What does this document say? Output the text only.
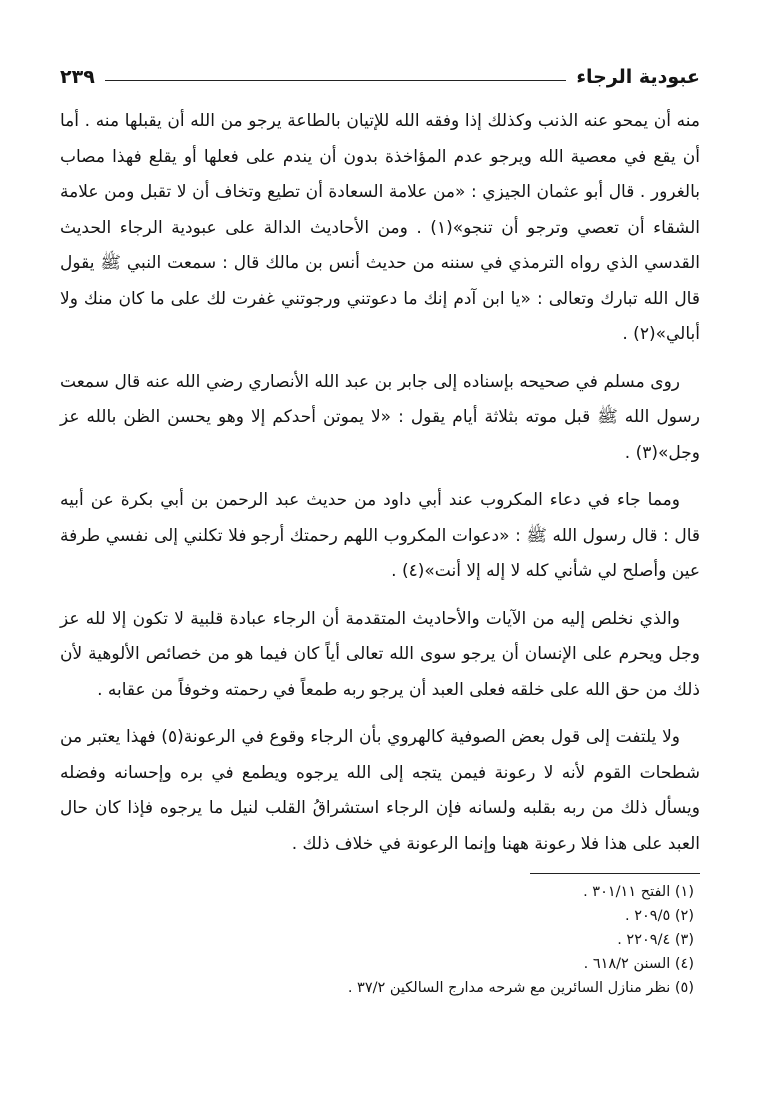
عبودية الرجاء
٢٣٩

منه أن يمحو عنه الذنب وكذلك إذا وفقه الله للإتيان بالطاعة يرجو من الله أن يقبلها منه . أما أن يقع في معصية الله ويرجو عدم المؤاخذة بدون أن يندم على فعلها أو يقلع فهذا مصاب بالغرور . قال أبو عثمان الجيزي : «من علامة السعادة أن تطيع وتخاف أن لا تقبل ومن علامة الشقاء أن تعصي وترجو أن تنجو»(١) . ومن الأحاديث الدالة على عبودية الرجاء الحديث القدسي الذي رواه الترمذي في سننه من حديث أنس بن مالك قال : سمعت النبي ﷺ يقول قال الله تبارك وتعالى : «يا ابن آدم إنك ما دعوتني ورجوتني غفرت لك على ما كان منك ولا أبالي»(٢) .

روى مسلم في صحيحه بإسناده إلى جابر بن عبد الله الأنصاري رضي الله عنه قال سمعت رسول الله ﷺ قبل موته بثلاثة أيام يقول : «لا يموتن أحدكم إلا وهو يحسن الظن بالله عز وجل»(٣) .

ومما جاء في دعاء المكروب عند أبي داود من حديث عبد الرحمن بن أبي بكرة عن أبيه قال : قال رسول الله ﷺ : «دعوات المكروب اللهم رحمتك أرجو فلا تكلني إلى نفسي طرفة عين وأصلح لي شأني كله لا إله إلا أنت»(٤) .

والذي نخلص إليه من الآيات والأحاديث المتقدمة أن الرجاء عبادة قلبية لا تكون إلا لله عز وجل ويحرم على الإنسان أن يرجو سوى الله تعالى أياً كان فيما هو من خصائص الألوهية لأن ذلك من حق الله على خلقه فعلى العبد أن يرجو ربه طمعاً في رحمته وخوفاً من عقابه .

ولا يلتفت إلى قول بعض الصوفية كالهروي بأن الرجاء وقوع في الرعونة(٥) فهذا يعتبر من شطحات القوم لأنه لا رعونة فيمن يتجه إلى الله يرجوه ويطمع في بره وإحسانه وفضله ويسأل ذلك من ربه بقلبه ولسانه فإن الرجاء استشراقُ القلب لنيل ما يرجوه فإذا كان حال العبد على هذا فلا رعونة ههنا وإنما الرعونة في خلاف ذلك .

(١) الفتح ٣٠١/١١ .

(٢) ٢٠٩/٥ .

(٣) ٢٢٠٩/٤ .

(٤) السنن ٦١٨/٢ .

(٥) نظر منازل السائرين مع شرحه مدارج السالكين ٣٧/٢ .
